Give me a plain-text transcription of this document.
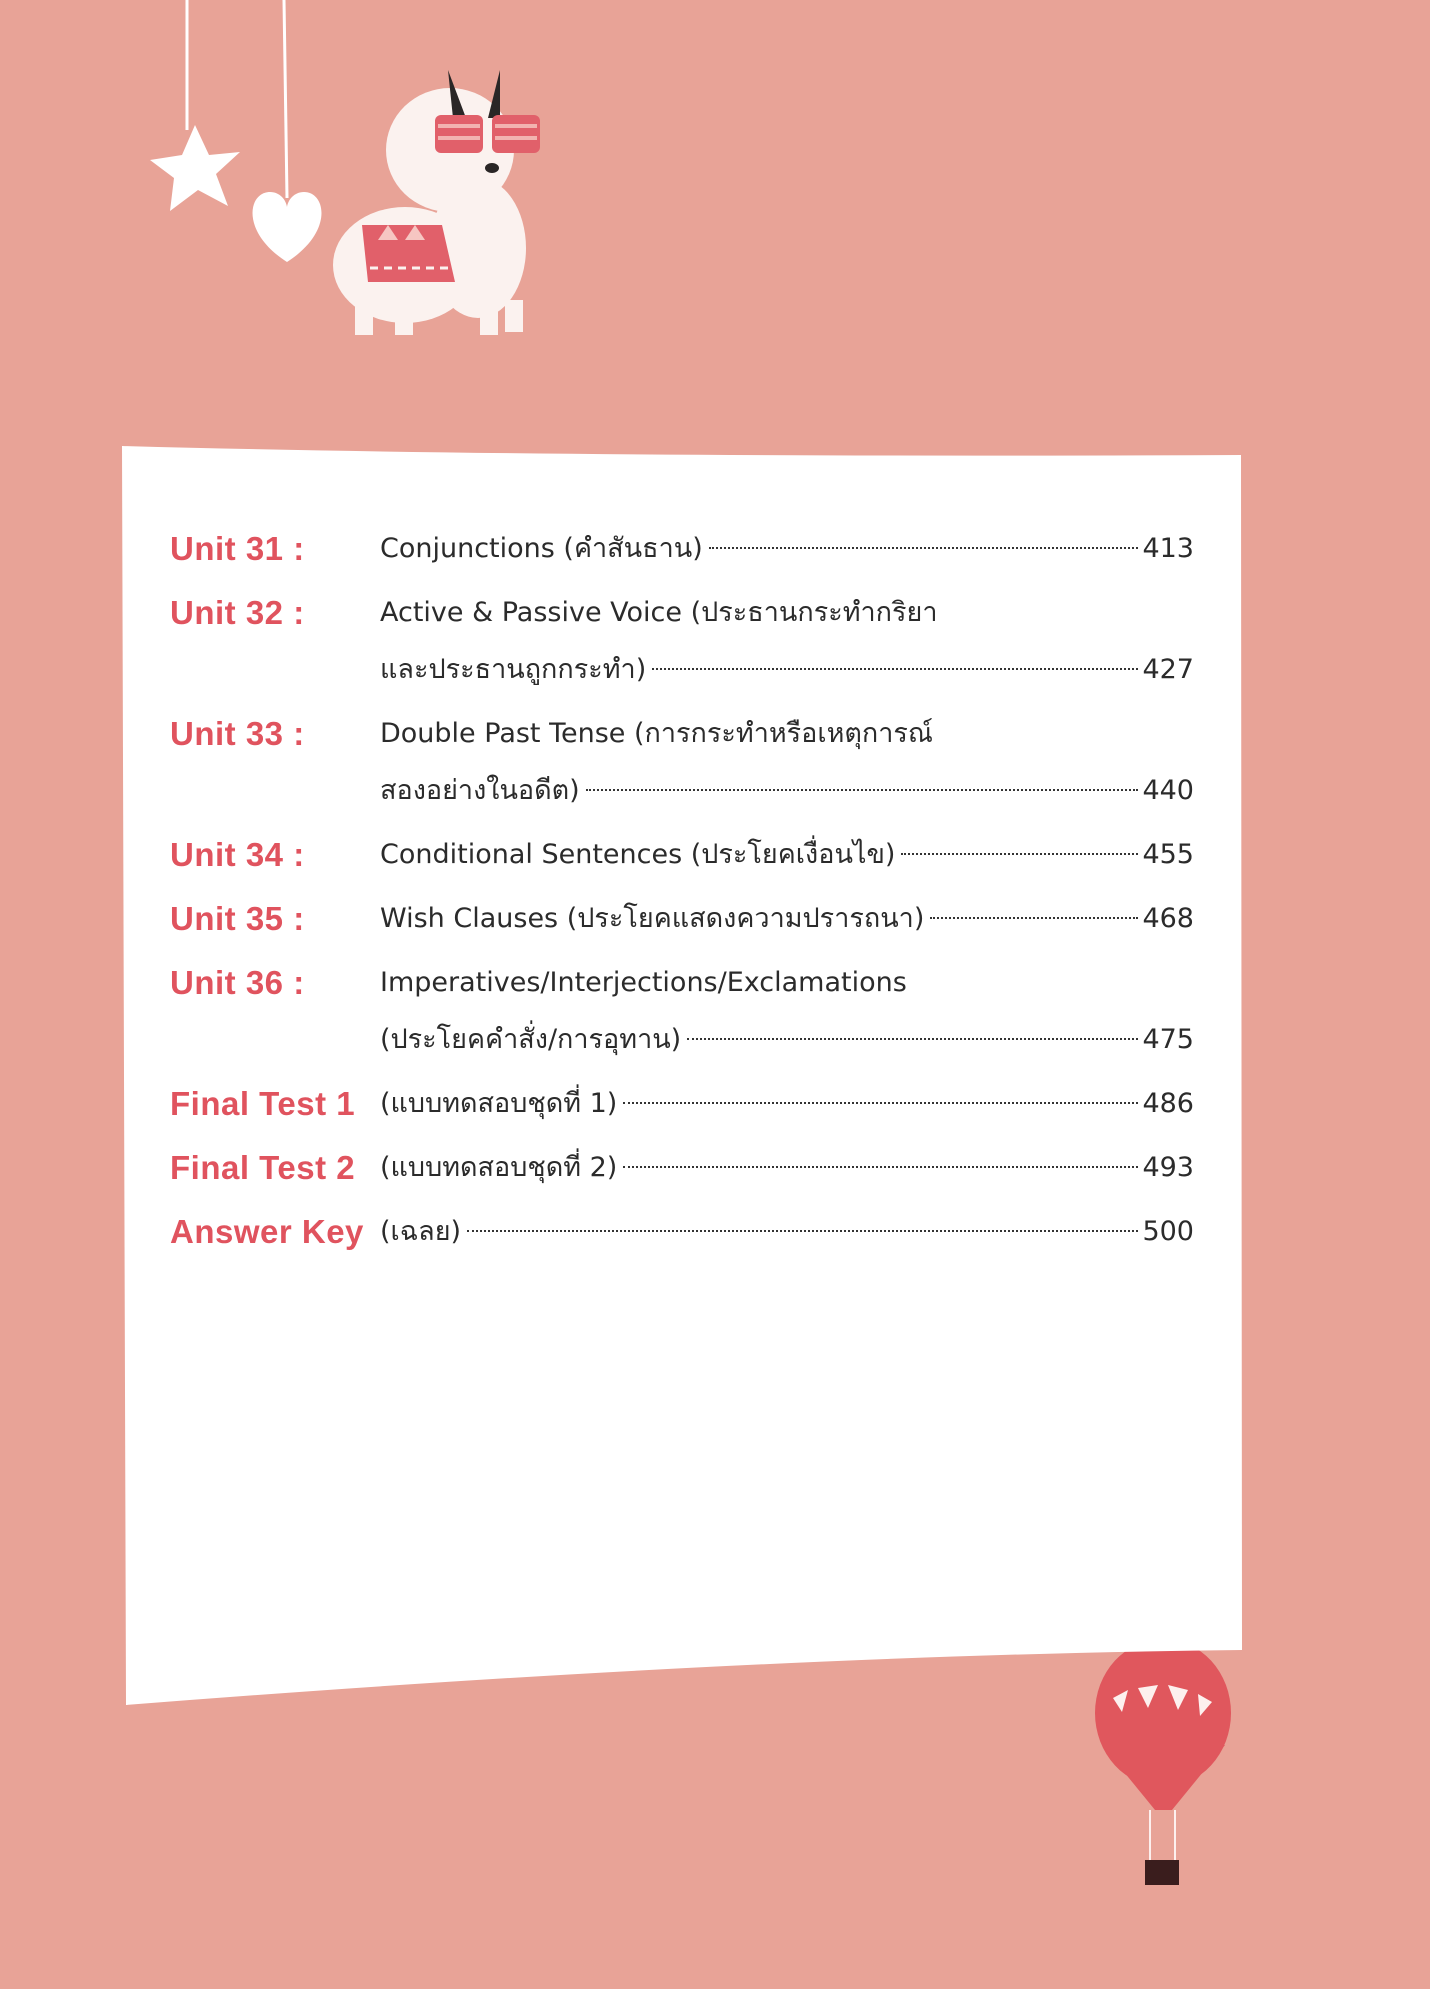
Unit 31 :	Conjunctions (คำสันธาน)	413
Unit 32 :	Active & Passive Voice (ประธานกระทำกริยา
และประธานถูกกระทำ)	427
Unit 33 :	Double Past Tense (การกระทำหรือเหตุการณ์
สองอย่างในอดีต)	440
Unit 34 :	Conditional Sentences (ประโยคเงื่อนไข)	455
Unit 35 :	Wish Clauses (ประโยคแสดงความปรารถนา)	468
Unit 36 :	Imperatives/Interjections/Exclamations
(ประโยคคำสั่ง/การอุทาน)	475
Final Test 1 (แบบทดสอบชุดที่ 1)	486
Final Test 2 (แบบทดสอบชุดที่ 2)	493
Answer Key (เฉลย)	500
